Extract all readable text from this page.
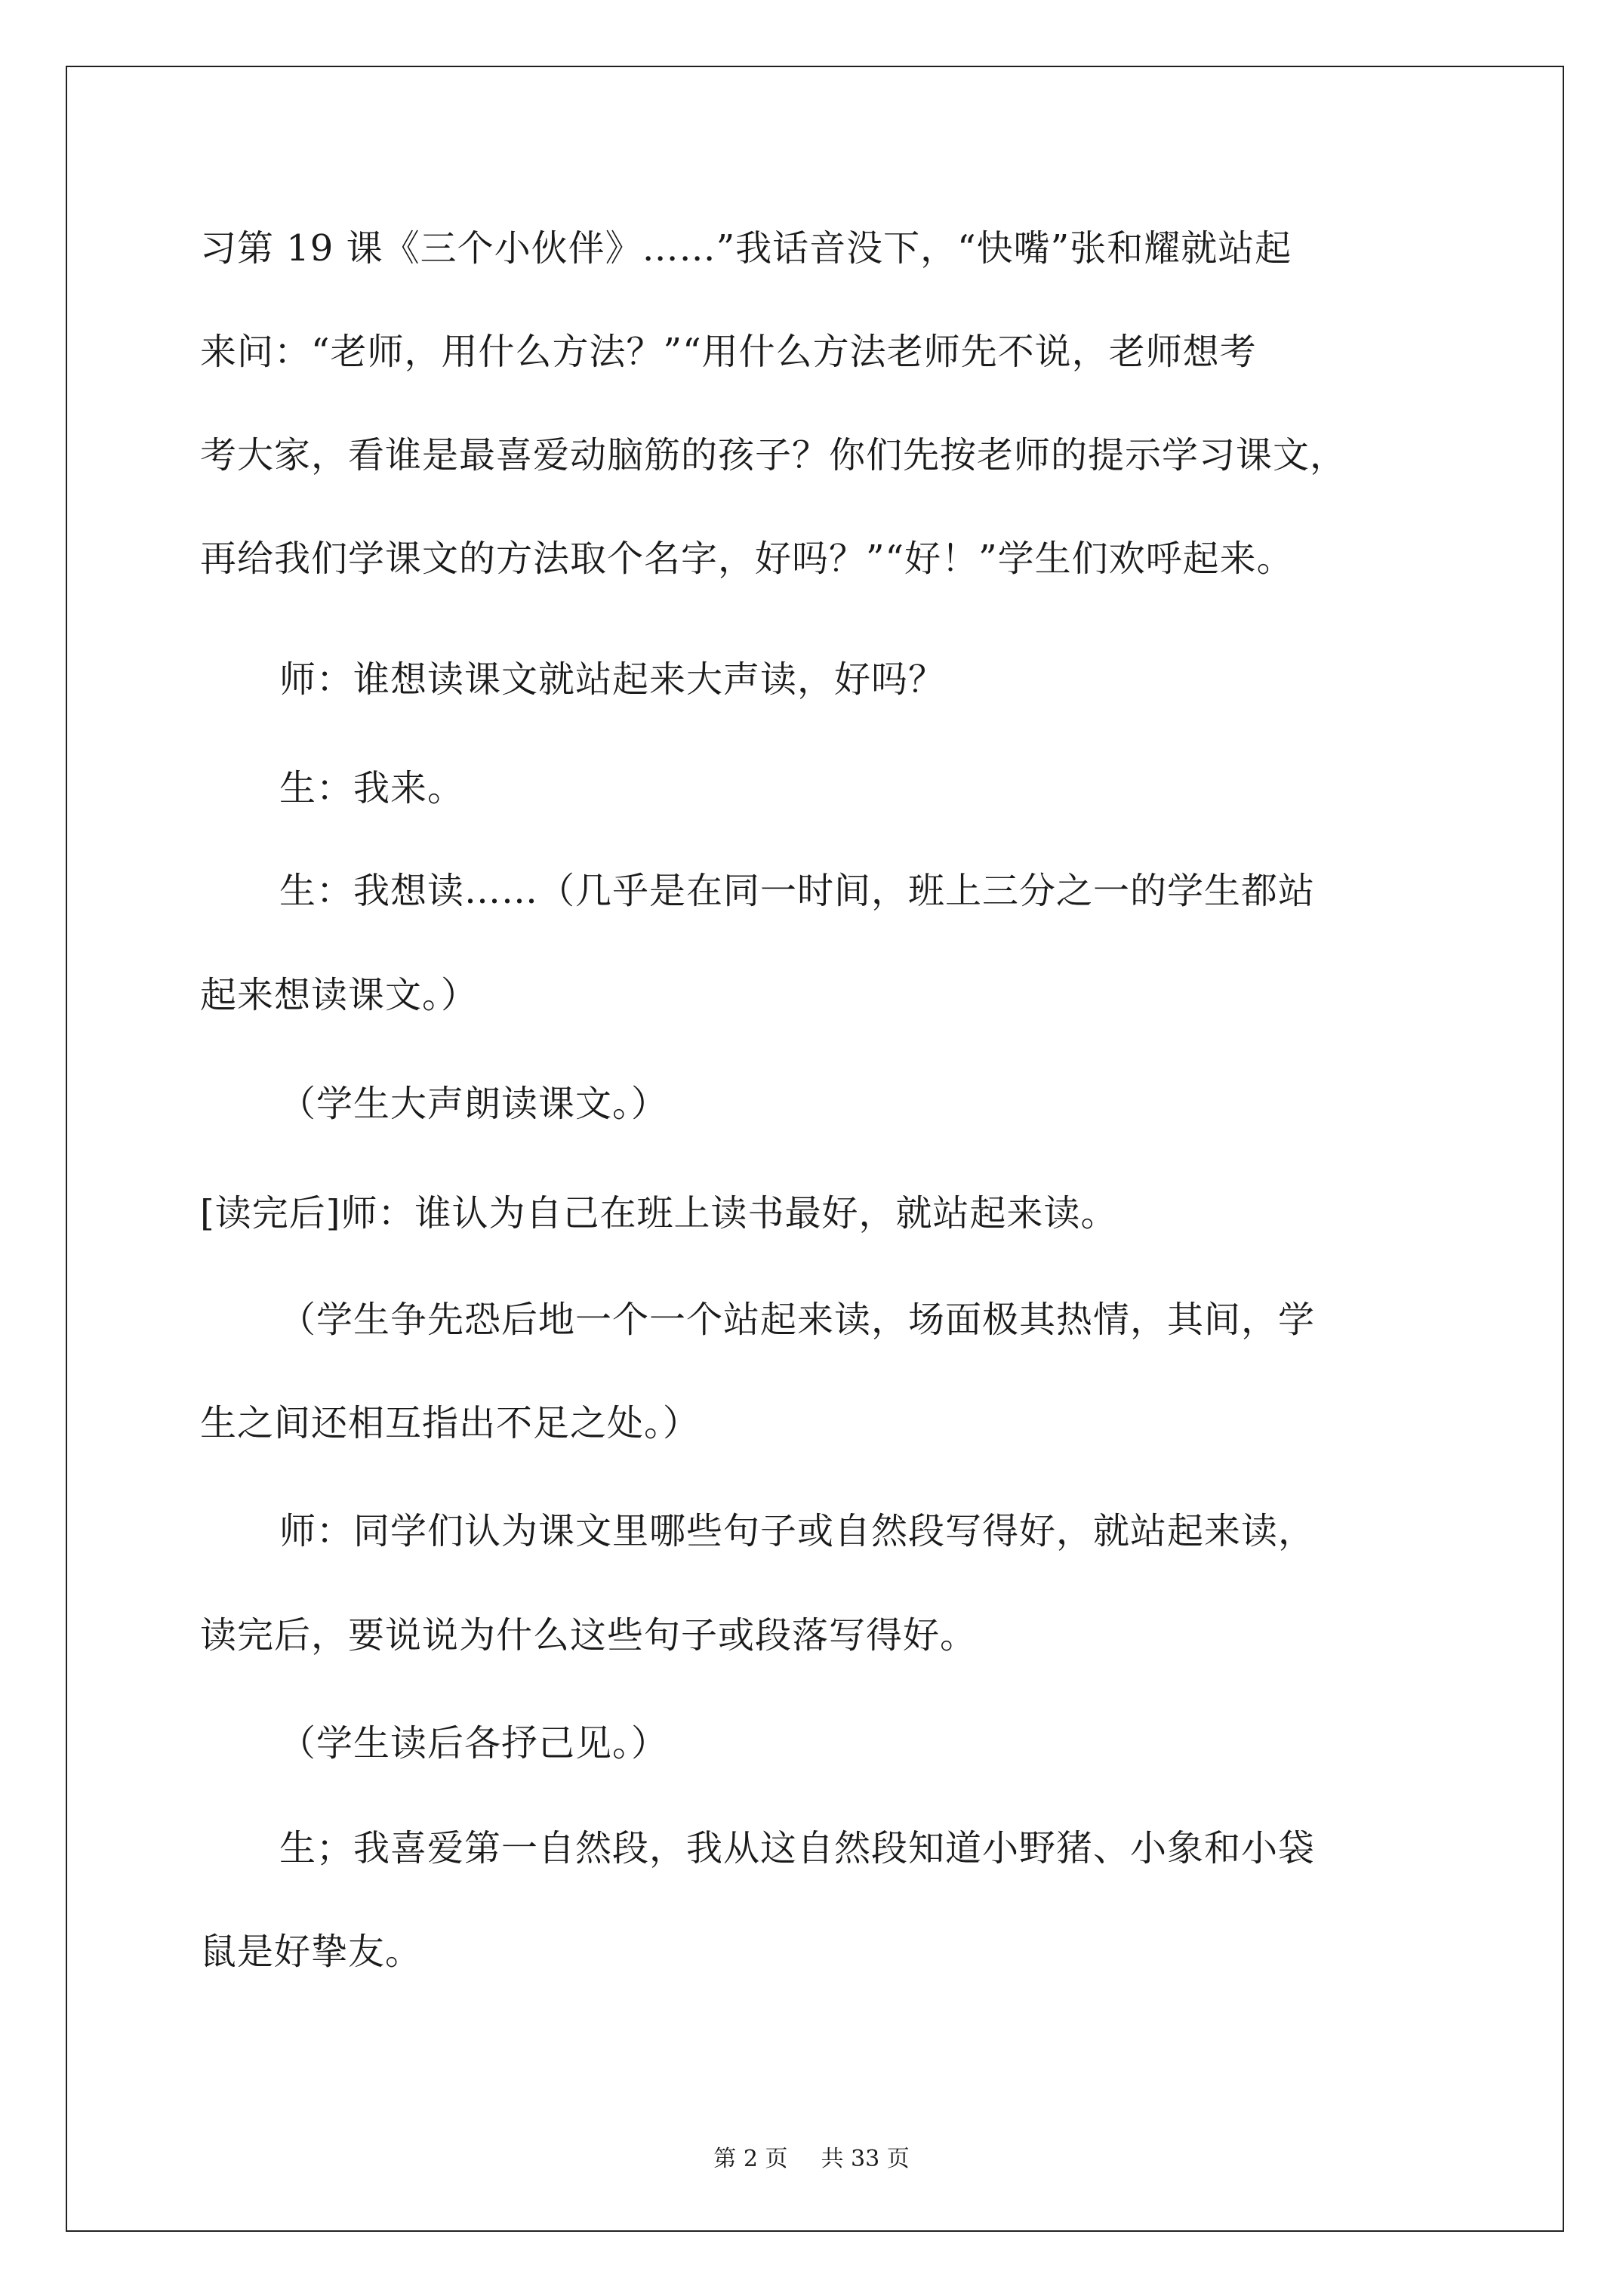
习第 19 课《三个小伙伴》……”我话音没下，“快嘴”张和耀就站起
来问：“老师，用什么方法？”“用什么方法老师先不说，老师想考
考大家，看谁是最喜爱动脑筋的孩子？你们先按老师的提示学习课文，
再给我们学课文的方法取个名字，好吗？”“好！”学生们欢呼起来。
师：谁想读课文就站起来大声读，好吗？
生：我来。
生：我想读……（几乎是在同一时间，班上三分之一的学生都站
起来想读课文。）
（学生大声朗读课文。）
[读完后]师：谁认为自己在班上读书最好，就站起来读。
（学生争先恐后地一个一个站起来读，场面极其热情，其间，学
生之间还相互指出不足之处。）
师：同学们认为课文里哪些句子或自然段写得好，就站起来读，
读完后，要说说为什么这些句子或段落写得好。
（学生读后各抒己见。）
生；我喜爱第一自然段，我从这自然段知道小野猪、小象和小袋
鼠是好挚友。
第 2 页 共 33 页
